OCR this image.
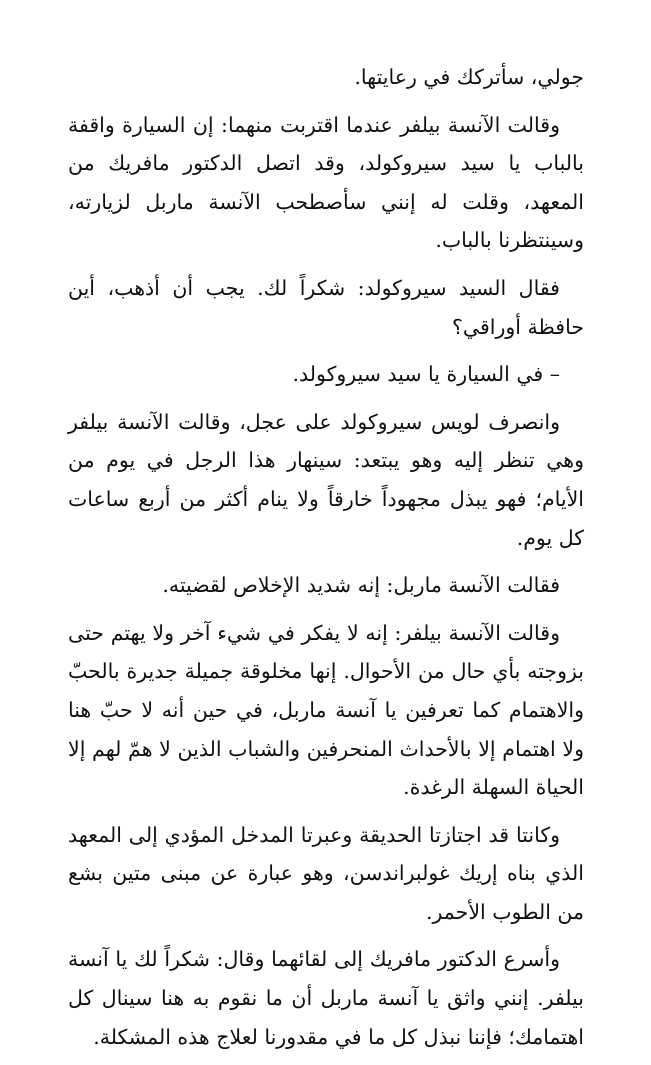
جولي، سأتركك في رعايتها.

وقالت الآنسة بيلفر عندما اقتربت منهما: إن السيارة واقفة بالباب يا سيد سيروكولد، وقد اتصل الدكتور مافريك من المعهد، وقلت له إنني سأصطحب الآنسة ماربل لزيارته، وسينتظرنا بالباب.

فقال السيد سيروكولد: شكراً لك. يجب أن أذهب، أين حافظة أوراقي؟

– في السيارة يا سيد سيروكولد.

وانصرف لويس سيروكولد على عجل، وقالت الآنسة بيلفر وهي تنظر إليه وهو يبتعد: سينهار هذا الرجل في يوم من الأيام؛ فهو يبذل مجهوداً خارقاً ولا ينام أكثر من أربع ساعات كل يوم.

فقالت الآنسة ماربل: إنه شديد الإخلاص لقضيته.

وقالت الآنسة بيلفر: إنه لا يفكر في شيء آخر ولا يهتم حتى بزوجته بأي حال من الأحوال. إنها مخلوقة جميلة جديرة بالحبّ والاهتمام كما تعرفين يا آنسة ماربل، في حين أنه لا حبّ هنا ولا اهتمام إلا بالأحداث المنحرفين والشباب الذين لا همّ لهم إلا الحياة السهلة الرغدة.

وكانتا قد اجتازتا الحديقة وعبرتا المدخل المؤدي إلى المعهد الذي بناه إريك غولبراندسن، وهو عبارة عن مبنى متين بشع من الطوب الأحمر.

وأسرع الدكتور مافريك إلى لقائهما وقال: شكراً لك يا آنسة بيلفر. إنني واثق يا آنسة ماربل أن ما نقوم به هنا سينال كل اهتمامك؛ فإننا نبذل كل ما في مقدورنا لعلاج هذه المشكلة.
